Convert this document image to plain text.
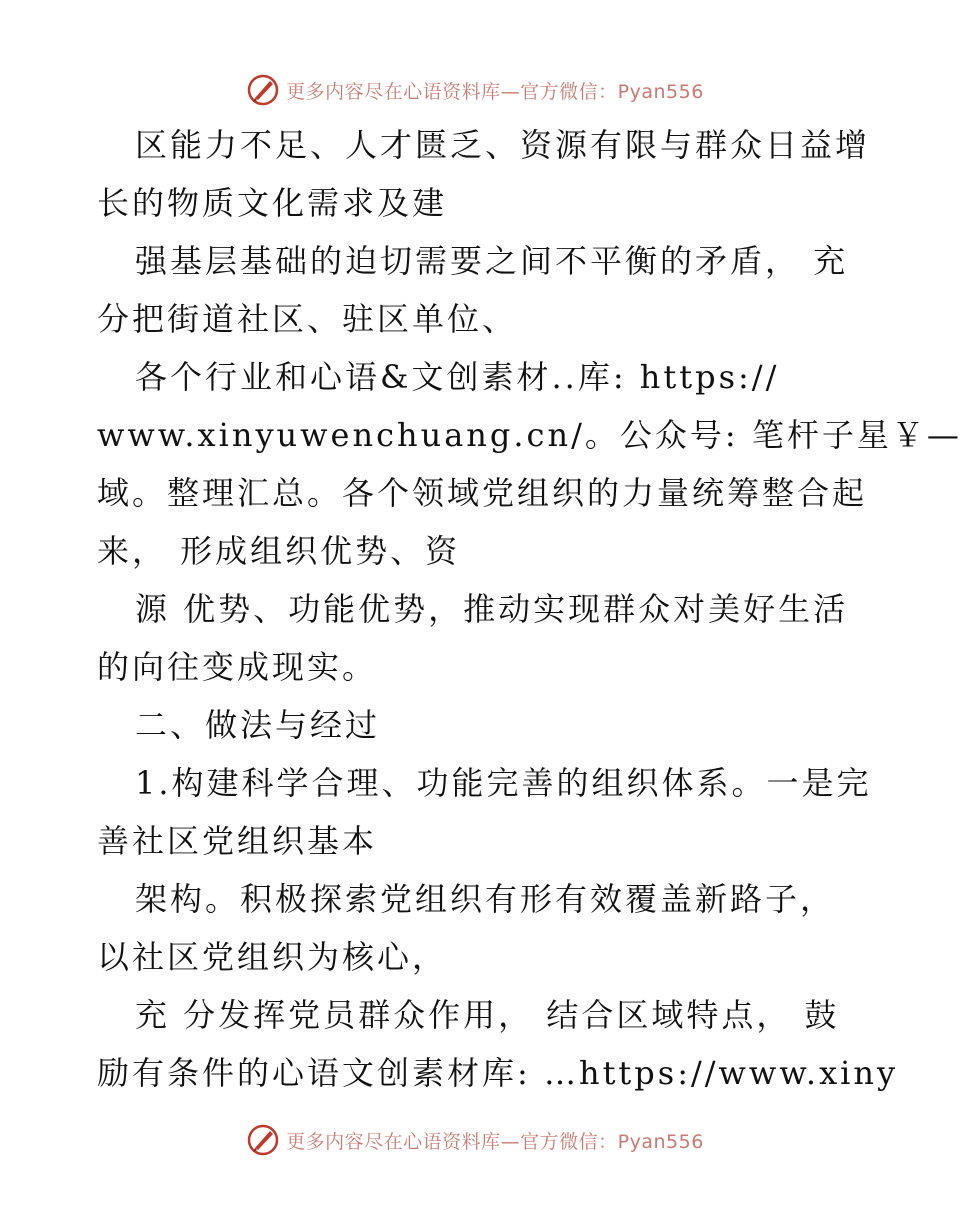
更多内容尽在心语资料库—官方微信：Pyan556
区能力不足、人才匮乏、资源有限与群众日益增
长的物质文化需求及建
强基层基础的迫切需要之间不平衡的矛盾， 充
分把街道社区、驻区单位、
各个行业和心语&文创素材..库: https://
www.xinyuwenchuang.cn/。公众号: 笔杆子星￥—
域。整理汇总。各个领域党组织的力量统筹整合起
来， 形成组织优势、资
源 优势、功能优势，推动实现群众对美好生活
的向往变成现实。
二、做法与经过
1.构建科学合理、功能完善的组织体系。一是完
善社区党组织基本
架构。积极探索党组织有形有效覆盖新路子，
以社区党组织为核心，
充 分发挥党员群众作用， 结合区域特点， 鼓
励有条件的心语文创素材库: …https://www.xiny
更多内容尽在心语资料库—官方微信：Pyan556
